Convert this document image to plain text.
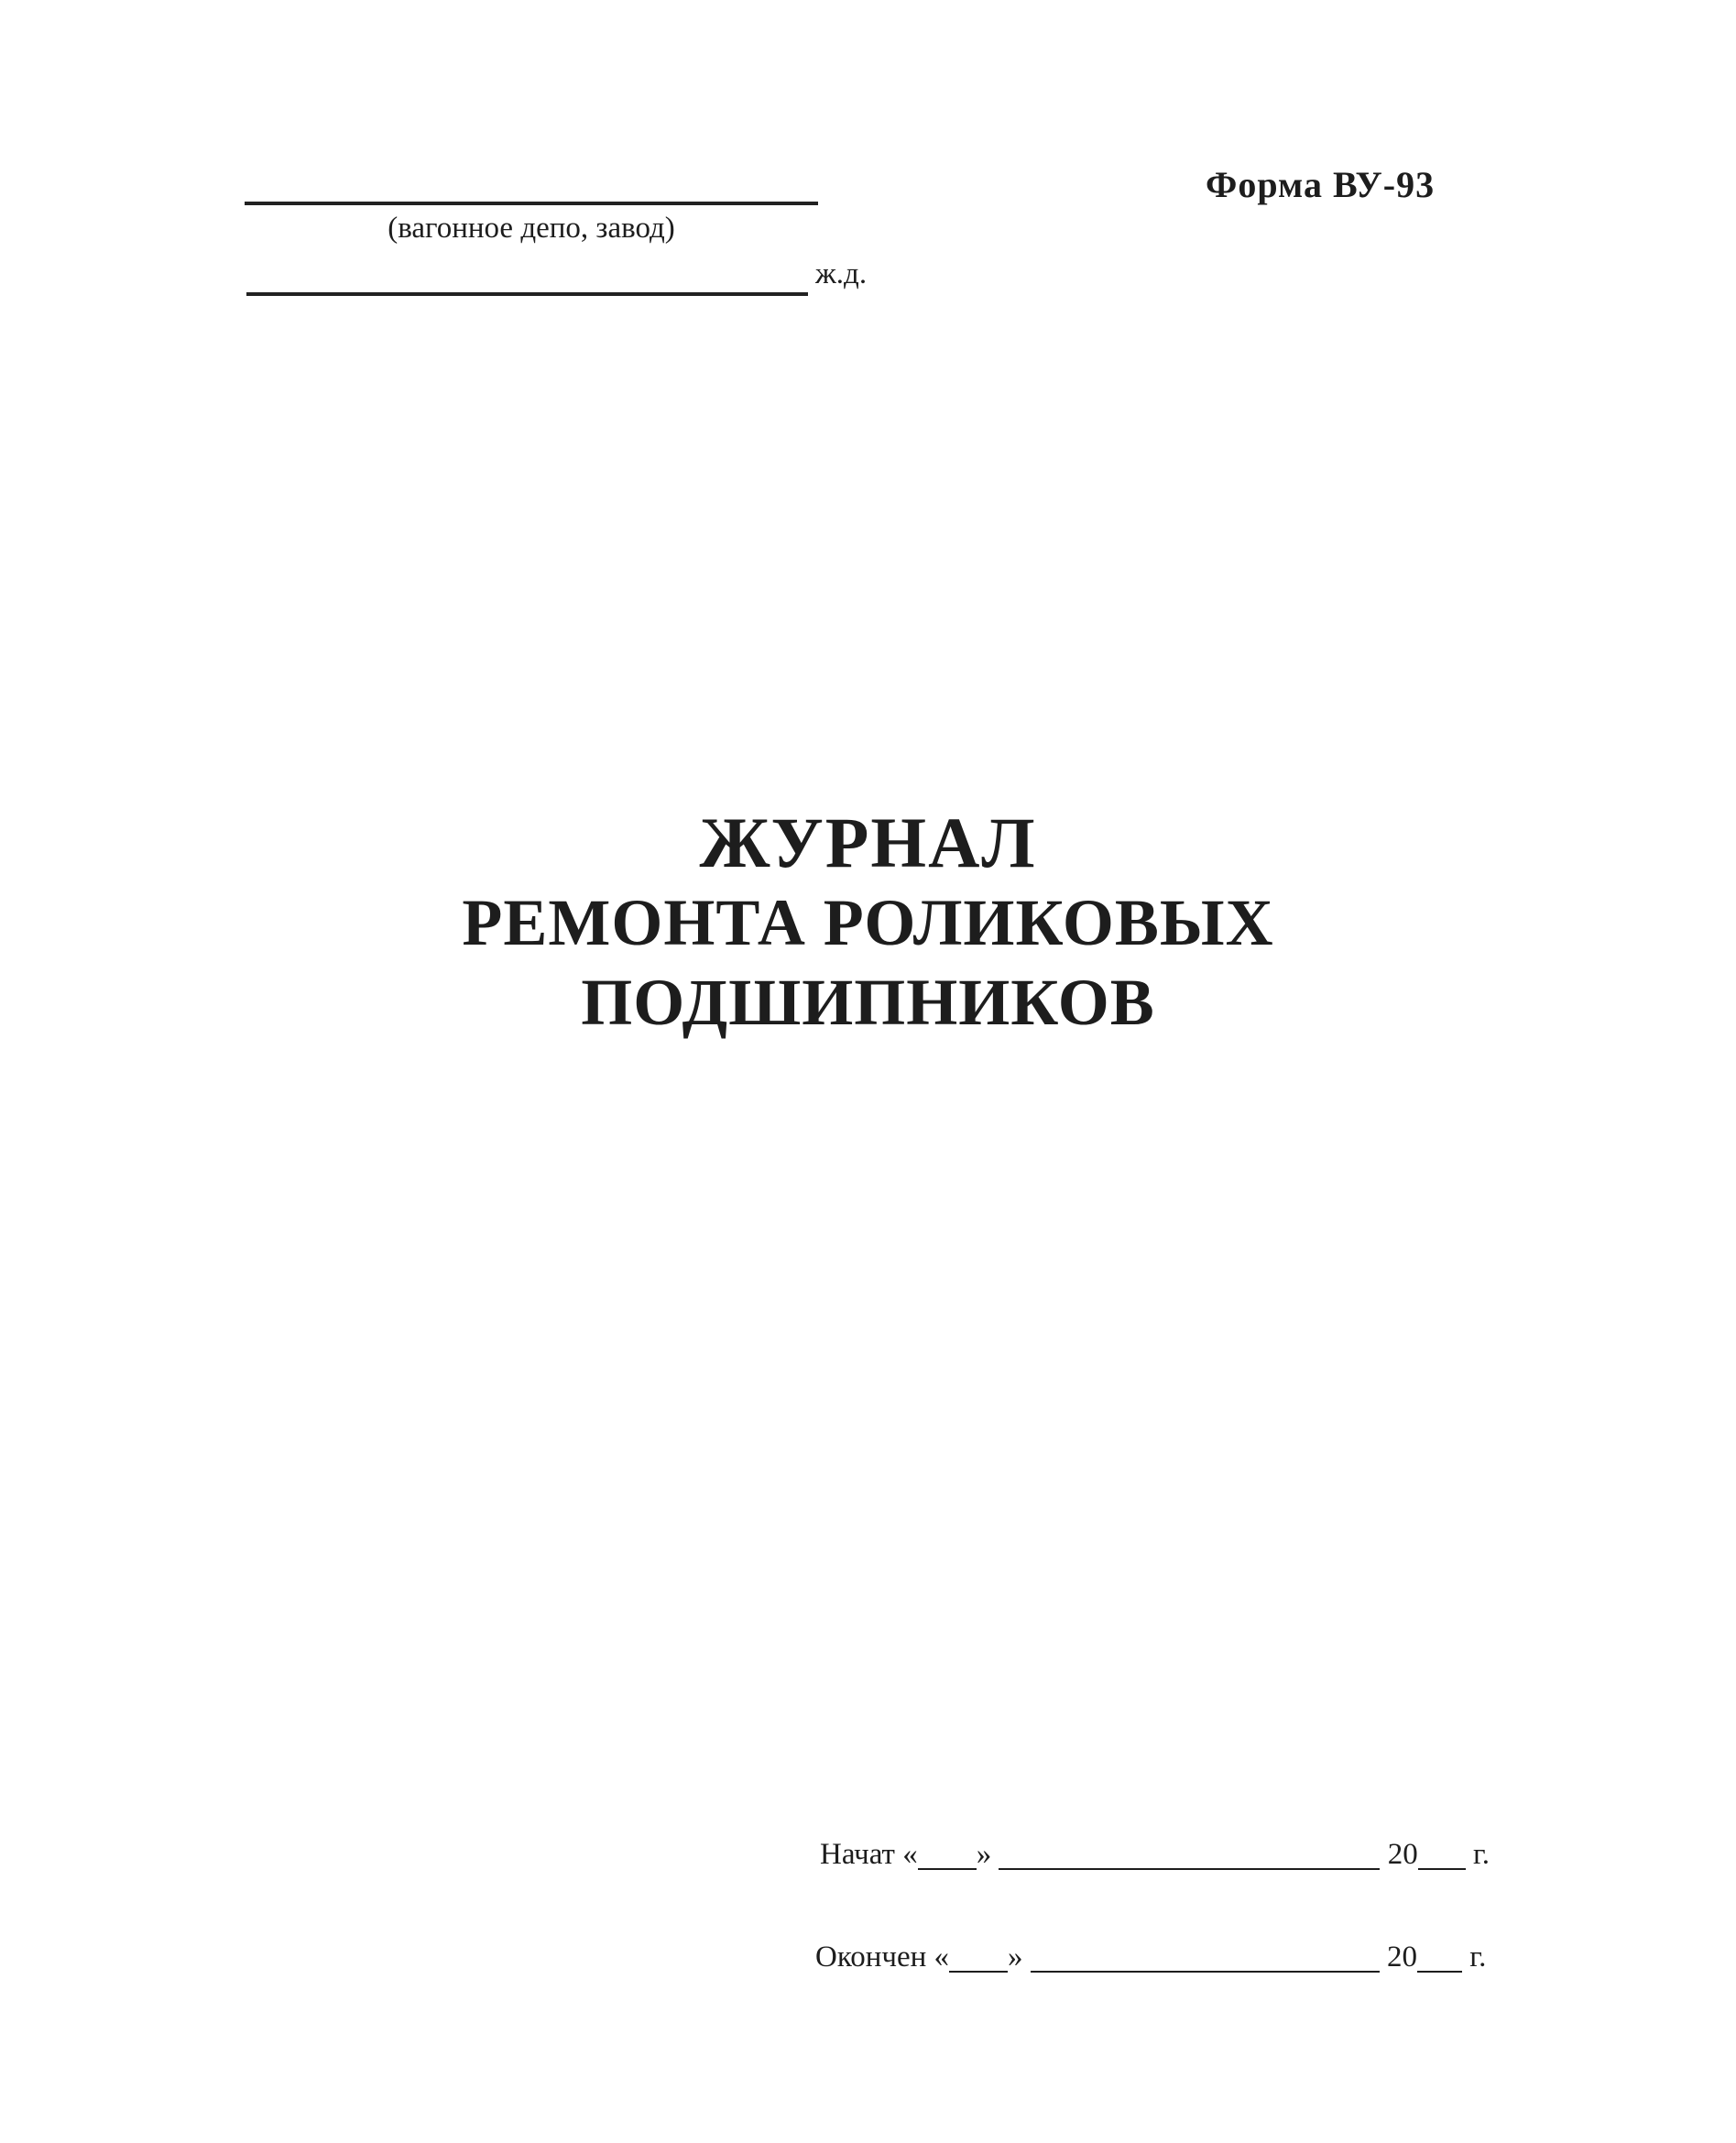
Форма ВУ-93
(вагонное депо, завод)
ж.д.
ЖУРНАЛ
РЕМОНТА РОЛИКОВЫХ
ПОДШИПНИКОВ
Начат « »	20 г.
Окончен « »	20 г.
